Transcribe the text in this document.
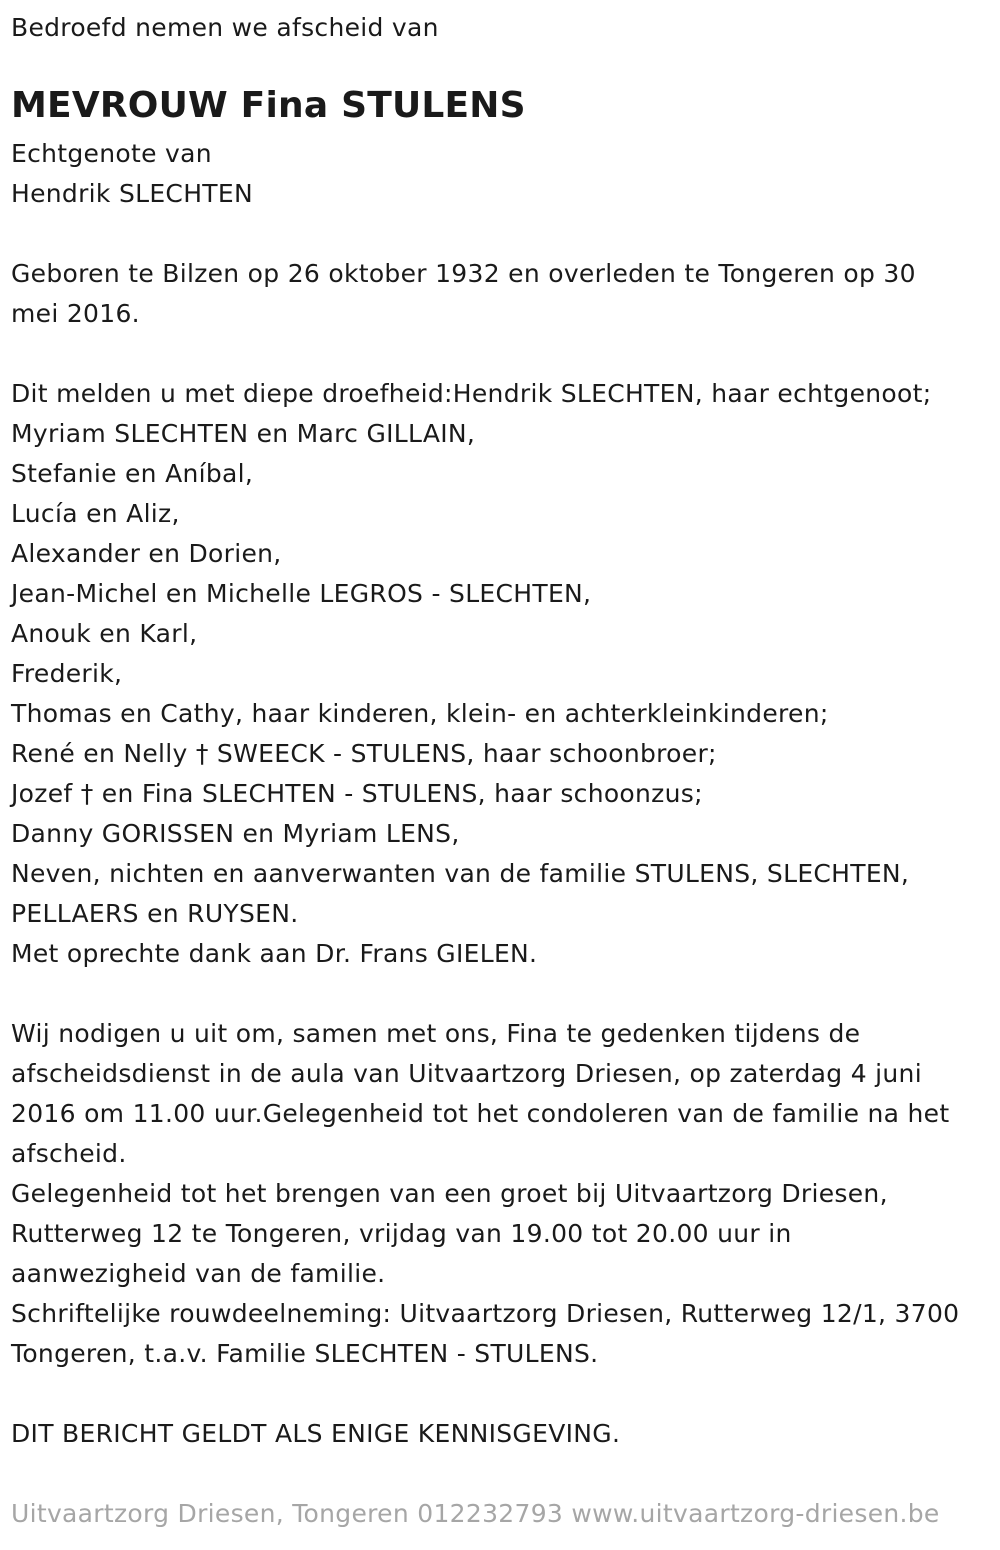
Bedroefd nemen we afscheid van
MEVROUW Fina STULENS
Echtgenote van
Hendrik SLECHTEN
Geboren te Bilzen op 26 oktober 1932 en overleden te Tongeren op 30
mei 2016.
Dit melden u met diepe droefheid:Hendrik SLECHTEN, haar echtgenoot;
Myriam SLECHTEN en Marc GILLAIN,
Stefanie en Aníbal,
Lucía en Aliz,
Alexander en Dorien,
Jean-Michel en Michelle LEGROS - SLECHTEN,
Anouk en Karl,
Frederik,
Thomas en Cathy, haar kinderen, klein- en achterkleinkinderen;
René en Nelly † SWEECK - STULENS, haar schoonbroer;
Jozef † en Fina SLECHTEN - STULENS, haar schoonzus;
Danny GORISSEN en Myriam LENS,
Neven, nichten en aanverwanten van de familie STULENS, SLECHTEN,
PELLAERS en RUYSEN.
Met oprechte dank aan Dr. Frans GIELEN.
Wij nodigen u uit om, samen met ons, Fina te gedenken tijdens de
afscheidsdienst in de aula van Uitvaartzorg Driesen, op zaterdag 4 juni
2016 om 11.00 uur.Gelegenheid tot het condoleren van de familie na het
afscheid.
Gelegenheid tot het brengen van een groet bij Uitvaartzorg Driesen,
Rutterweg 12 te Tongeren, vrijdag van 19.00 tot 20.00 uur in
aanwezigheid van de familie.
Schriftelijke rouwdeelneming: Uitvaartzorg Driesen, Rutterweg 12/1, 3700
Tongeren, t.a.v. Familie SLECHTEN - STULENS.
DIT BERICHT GELDT ALS ENIGE KENNISGEVING.
Uitvaartzorg Driesen, Tongeren 012232793 www.uitvaartzorg-driesen.be
